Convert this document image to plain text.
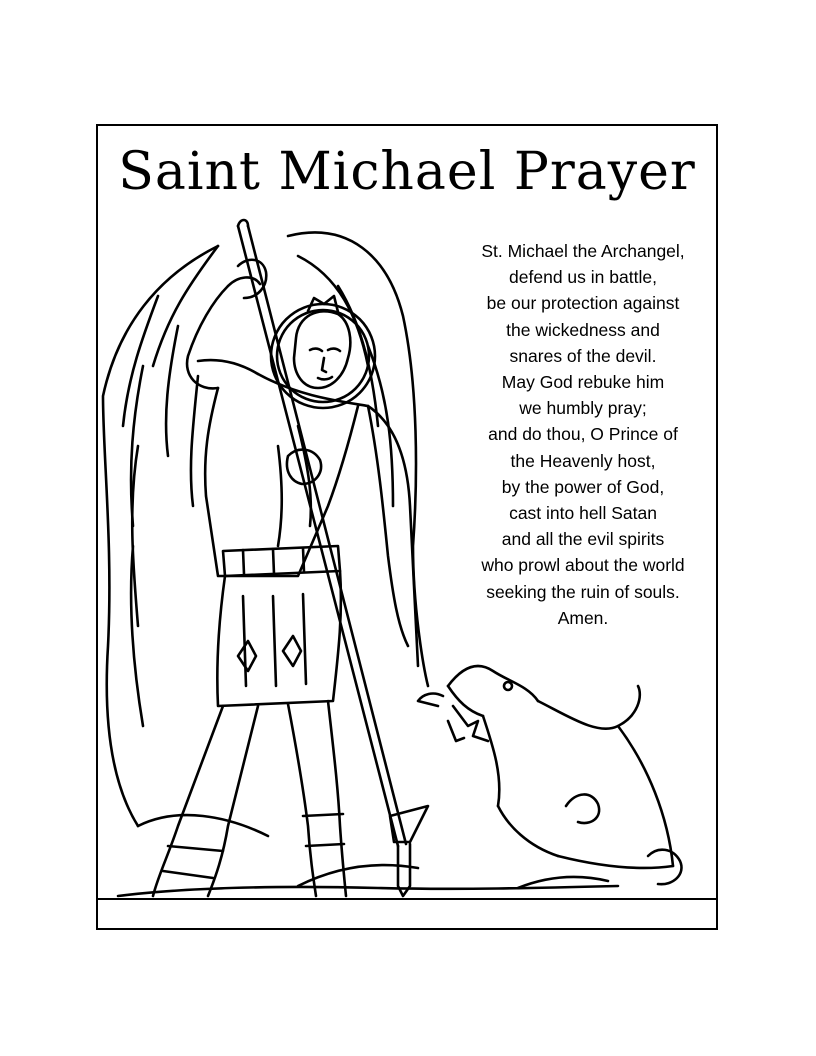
Saint Michael Prayer
St. Michael the Archangel,
defend us in battle,
be our protection against
the wickedness and
snares of the devil.
May God rebuke him
we humbly pray;
and do thou, O Prince of
the Heavenly host,
by the power of God,
cast into hell Satan
and all the evil spirits
who prowl about the world
seeking the ruin of souls.
Amen.
